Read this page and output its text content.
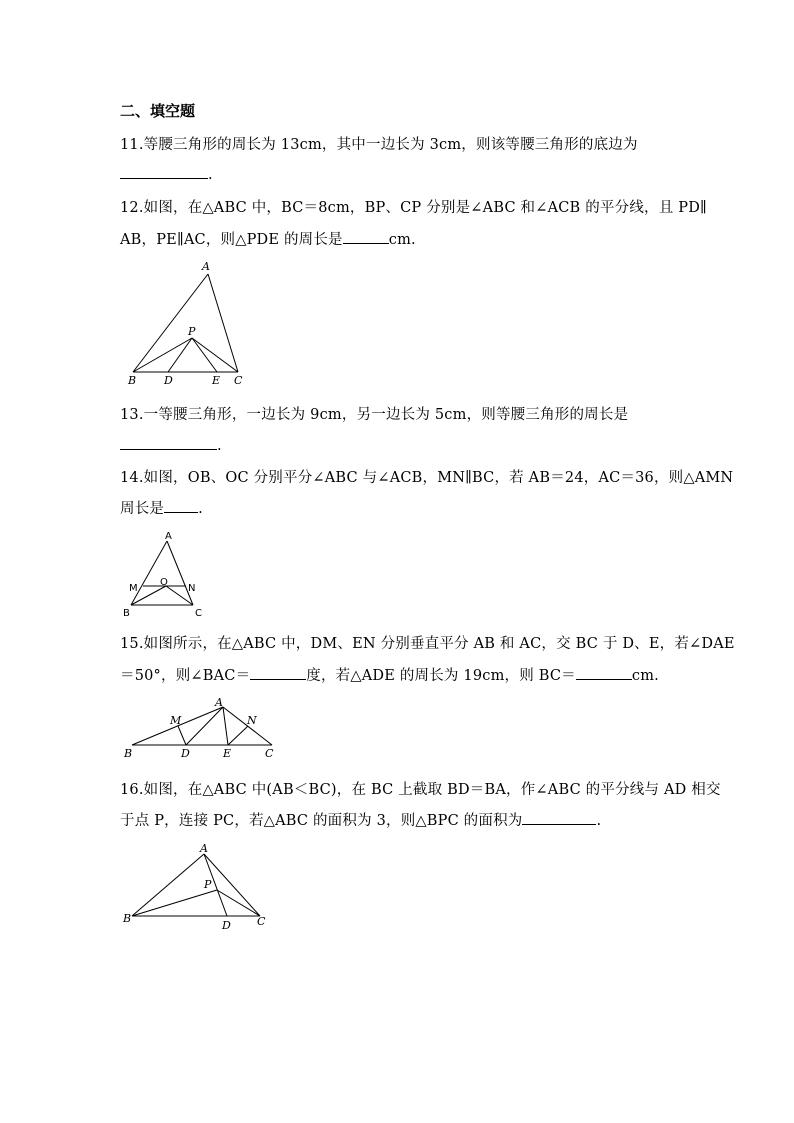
二、填空题
11.等腰三角形的周长为 13cm，其中一边长为 3cm，则该等腰三角形的底边为
.
12.如图，在△ABC 中，BC＝8cm，BP、CP 分别是∠ABC 和∠ACB 的平分线，且 PD∥
AB，PE∥AC，则△PDE 的周长是	cm.
A
P
B	D	E C
13.一等腰三角形，一边长为 9cm，另一边长为 5cm，则等腰三角形的周长是
.
14.如图，OB、OC 分别平分∠ABC 与∠ACB，MN∥BC，若 AB＝24，AC＝36，则△AMN
周长是 .
A
M
O
N
B	C
15.如图所示，在△ABC 中，DM、EN 分别垂直平分 AB 和 AC，交 BC 于 D、E，若∠DAE
＝50°，则∠BAC＝	度，若△ADE 的周长为 19cm，则 BC＝	cm.
A
M	N
B	D	E	C
16.如图，在△ABC 中(AB＜BC)，在 BC 上截取 BD＝BA，作∠ABC 的平分线与 AD 相交
于点 P，连接 PC，若△ABC 的面积为 3，则△BPC 的面积为	.
A
P
B
D C
